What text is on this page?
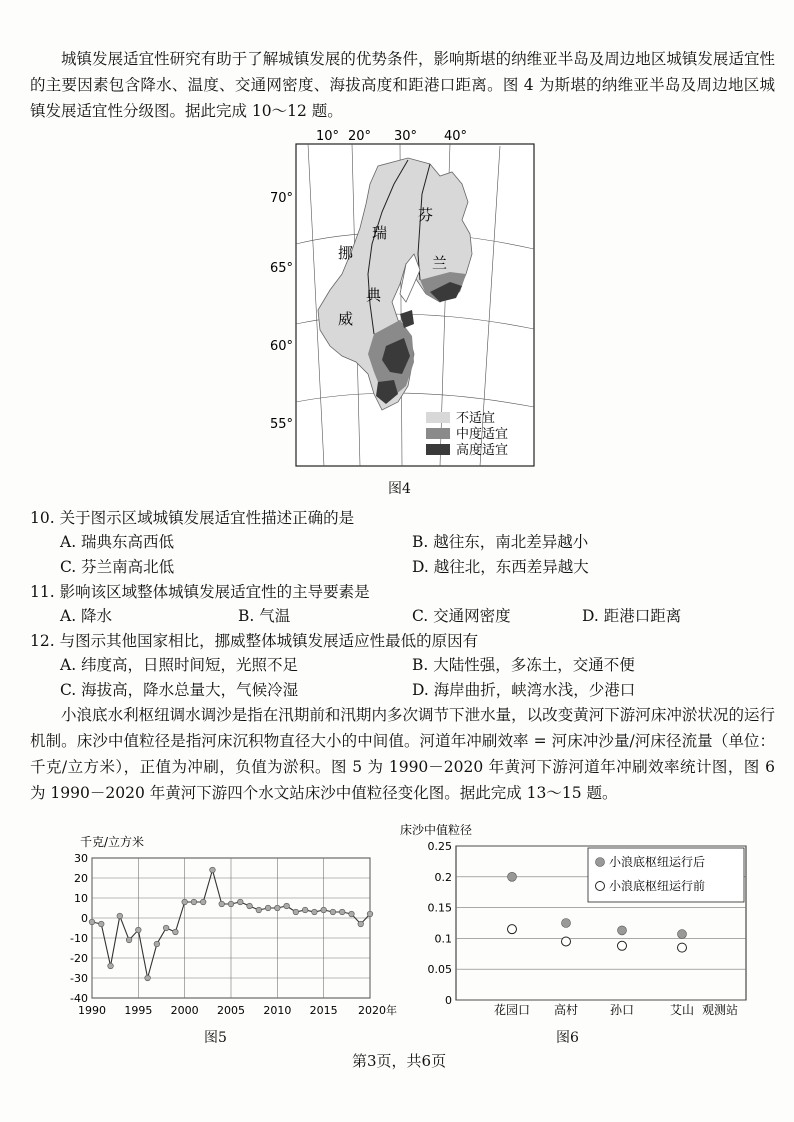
城镇发展适宜性研究有助于了解城镇发展的优势条件，影响斯堪的纳维亚半岛及周边地区城镇发展适宜性的主要因素包含降水、温度、交通网密度、海拔高度和距港口距离。图 4 为斯堪的纳维亚半岛及周边地区城镇发展适宜性分级图。据此完成 10～12 题。

10° 20° 30° 40°
70°
65°
60°
55°
挪
威
瑞
典
芬
兰
不适宜
中度适宜
高度适宜
图4
10. 关于图示区域城镇发展适宜性描述正确的是
A. 瑞典东高西低	B. 越往东，南北差异越小
C. 芬兰南高北低	D. 越往北，东西差异越大
11. 影响该区域整体城镇发展适宜性的主导要素是
A. 降水	B. 气温	C. 交通网密度	D. 距港口距离
12. 与图示其他国家相比，挪威整体城镇发展适应性最低的原因有
A. 纬度高，日照时间短，光照不足	B. 大陆性强，多冻土，交通不便
C. 海拔高，降水总量大，气候冷湿	D. 海岸曲折，峡湾水浅，少港口

小浪底水利枢纽调水调沙是指在汛期前和汛期内多次调节下泄水量，以改变黄河下游河床冲淤状况的运行机制。床沙中值粒径是指河床沉积物直径大小的中间值。河道年冲刷效率 = 河床冲沙量/河床径流量（单位：千克/立方米），正值为冲刷，负值为淤积。图 5 为 1990－2020 年黄河下游河道年冲刷效率统计图，图 6 为 1990－2020 年黄河下游四个水文站床沙中值粒径变化图。据此完成 13～15 题。

千克/立方米
30
20
10
0
-10
-20
-30
-40
1990 1995 2000 2005 2010 2015 2020年
图5
床沙中值粒径
0.25
0.2
0.15
0.1
0.05
0
花园口 高村	孙口	艾山 观测站
小浪底枢纽运行后
小浪底枢纽运行前
图6
第3页，共6页
